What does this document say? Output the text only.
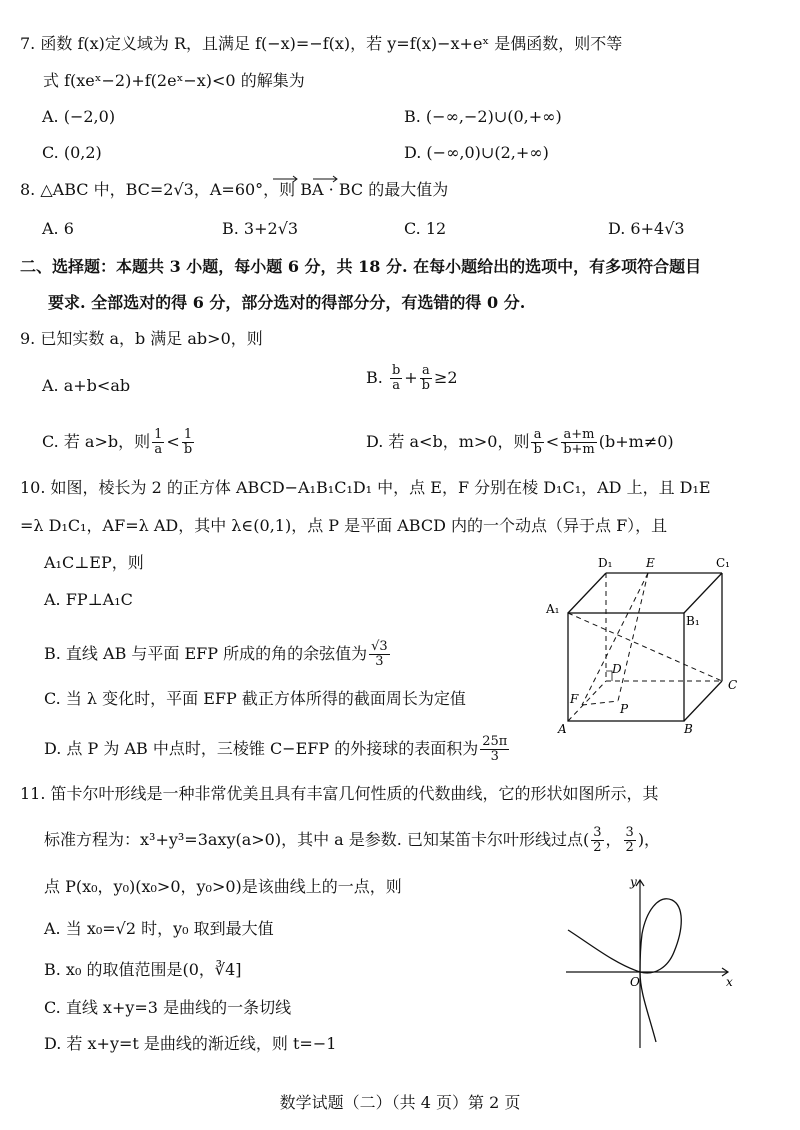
7. 函数 f(x)定义域为 R，且满足 f(−x)=−f(x)，若 y=f(x)−x+eˣ 是偶函数，则不等
式 f(xeˣ−2)+f(2eˣ−x)<0 的解集为
A. (−2,0)	B. (−∞,−2)∪(0,+∞)
C. (0,2)	D. (−∞,0)∪(2,+∞)
8. △ABC 中，BC=2√3，A=60°，则 BA · BC 的最大值为
A. 6	B. 3+2√3	C. 12	D. 6+4√3
二、选择题：本题共 3 小题，每小题 6 分，共 18 分. 在每小题给出的选项中，有多项符合题目
要求. 全部选对的得 6 分，部分选对的得部分分，有选错的得 0 分.
9. 已知实数 a，b 满足 ab>0，则
A. a+b<ab	B. $\frac{b}{a} + \frac{a}{b} \ge 2$
C. 若 a>b，则 $\frac{1}{a} < \frac{1}{b}$	D. 若 a<b，m>0，则 $\frac{a}{b} < \frac{a+m}{b+m} (b+m\ne 0)$
10. 如图，棱长为 2 的正方体 ABCD−A₁B₁C₁D₁ 中，点 E，F 分别在棱 D₁C₁，AD 上，且 D₁E
=λ D₁C₁，AF=λ AD，其中 λ∈(0,1)，点 P 是平面 ABCD 内的一个动点（异于点 F），且
A₁C⊥EP，则
A. FP⊥A₁C
B. 直线 AB 与平面 EFP 所成的角的余弦值为 $\frac{√3}{3}$
C. 当 λ 变化时，平面 EFP 截正方体所得的截面周长为定值
D. 点 P 为 AB 中点时，三棱锥 C−EFP 的外接球的表面积为 $\frac{25\pi}{3}$
D₁	E	C₁
A₁
B₁
D
C
F
P
A	B
11. 笛卡尔叶形线是一种非常优美且具有丰富几何性质的代数曲线，它的形状如图所示，其
标准方程为：x³+y³=3axy(a>0)，其中 a 是参数. 已知某笛卡尔叶形线过点( $\frac{3}{2}$ ， $\frac{3}{2}$ )，
点 P(x₀，y₀)(x₀>0，y₀>0)是该曲线上的一点，则
A. 当 x₀=√2 时，y₀ 取到最大值
B. x₀ 的取值范围是(0，∛4]
C. 直线 x+y=3 是曲线的一条切线
D. 若 x+y=t 是曲线的渐近线，则 t=−1
y
x
O
数学试题（二）（共 4 页）第 2 页
